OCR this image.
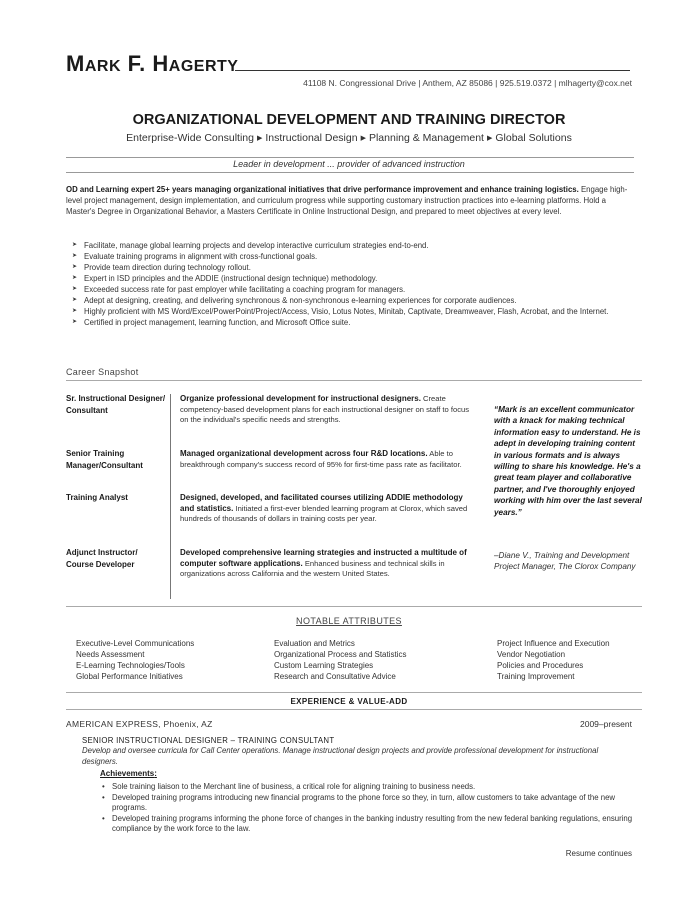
MARK F. HAGERTY
41108 N. Congressional Drive | Anthem, AZ 85086 | 925.519.0372 | mlhagerty@cox.net
ORGANIZATIONAL DEVELOPMENT AND TRAINING DIRECTOR
Enterprise-Wide Consulting ▶ Instructional Design ▶ Planning & Management ▶ Global Solutions
Leader in development ... provider of advanced instruction
OD and Learning expert 25+ years managing organizational initiatives that drive performance improvement and enhance training logistics. Engage high-level project management, design implementation, and curriculum progress while supporting customary instruction practices into e-learning platforms. Hold a Master's Degree in Organizational Behavior, a Masters Certificate in Online Instructional Design, and prepared to meet objectives at every level.
➤ Facilitate, manage global learning projects and develop interactive curriculum strategies end-to-end.
➤ Evaluate training programs in alignment with cross-functional goals.
➤ Provide team direction during technology rollout.
➤ Expert in ISD principles and the ADDIE (instructional design technique) methodology.
➤ Exceeded success rate for past employer while facilitating a coaching program for managers.
➤ Adept at designing, creating, and delivering synchronous & non-synchronous e-learning experiences for corporate audiences.
➤ Highly proficient with MS Word/Excel/PowerPoint/Project/Access, Visio, Lotus Notes, Minitab, Captivate, Dreamweaver, Flash, Acrobat, and the Internet.
➤ Certified in project management, learning function, and Microsoft Office suite.
Career Snapshot
Sr. Instructional Designer/ Consultant
Organize professional development for instructional designers. Create competency-based development plans for each instructional designer on staff to focus on the individual's specific needs and strengths.
Senior Training Manager/Consultant
Managed organizational development across four R&D locations. Able to breakthrough company's success record of 95% for first-time pass rate as facilitator.
Training Analyst	Designed, developed, and facilitated courses utilizing ADDIE methodology and statistics. Initiated a first-ever blended learning program at Clorox, which saved hundreds of thousands of dollars in training costs per year.
Adjunct Instructor/ Course Developer
Developed comprehensive learning strategies and instructed a multitude of computer software applications. Enhanced business and technical skills in organizations across California and the western United States.
“Mark is an excellent communicator with a knack for making technical information easy to understand. He is adept in developing training content in various formats and is always willing to share his knowledge. He's a great team player and collaborative partner, and I've thoroughly enjoyed working with him over the last several years.”
–Diane V., Training and Development Project Manager, The Clorox Company
NOTABLE ATTRIBUTES
Executive-Level Communications
Needs Assessment
E-Learning Technologies/Tools
Global Performance Initiatives
Evaluation and Metrics
Organizational Process and Statistics
Custom Learning Strategies
Research and Consultative Advice
Project Influence and Execution
Vendor Negotiation
Policies and Procedures
Training Improvement
EXPERIENCE & VALUE-ADD
AMERICAN EXPRESS, Phoenix, AZ	2009–present
SENIOR INSTRUCTIONAL DESIGNER – TRAINING CONSULTANT
Develop and oversee curricula for Call Center operations. Manage instructional design projects and provide professional development for instructional designers.
Achievements:
• Sole training liaison to the Merchant line of business, a critical role for aligning training to business needs.
• Developed training programs introducing new financial programs to the phone force so they, in turn, allow customers to take advantage of the new programs.
• Developed training programs informing the phone force of changes in the banking industry resulting from the new federal banking regulations, ensuring compliance by the work force to the law.
Resume continues
